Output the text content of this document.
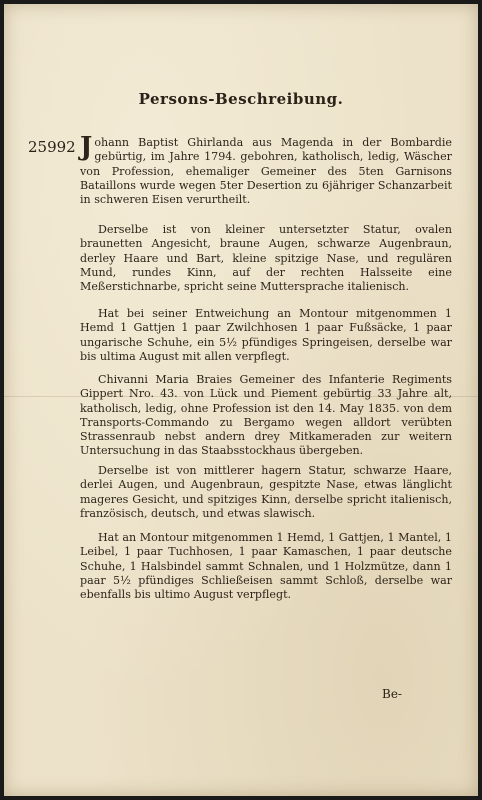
Persons-Beschreibung.
25992 Johann Baptist Ghirlanda aus Magenda in der Bombardie gebürtig, im Jahre 1794. gebohren, katholisch, ledig, Wäscher von Profession, ehemaliger Gemeiner des 5ten Garnisons Bataillons wurde wegen 5ter Desertion zu 6jähriger Schanzarbeit in schweren Eisen verurtheilt.

Derselbe ist von kleiner untersetzter Statur, ovalen braunetten Angesicht, braune Augen, schwarze Augenbraun, derley Haare und Bart, kleine spitzige Nase, und regulären Mund, rundes Kinn, auf der rechten Halsseite eine Meßerstichnarbe, spricht seine Muttersprache italienisch.

Hat bei seiner Entweichung an Montour mitgenommen 1 Hemd 1 Gattjen 1 paar Zwilchhosen 1 paar Fußsäcke, 1 paar ungarische Schuhe, ein 5½ pfündiges Springeisen, derselbe war bis ultima August mit allen verpflegt.

Chivanni Maria Braies Gemeiner des Infanterie Regiments Gippert Nro. 43. von Lück und Piement gebürtig 33 Jahre alt, katholisch, ledig, ohne Profession ist den 14. May 1835. von dem Transports-Commando zu Bergamo wegen alldort verübten Strassenraub nebst andern drey Mitkameraden zur weitern Untersuchung in das Staabsstockhaus übergeben.

Derselbe ist von mittlerer hagern Statur, schwarze Haare, derlei Augen, und Augenbraun, gespitzte Nase, etwas länglicht mageres Gesicht, und spitziges Kinn, derselbe spricht italienisch, französisch, deutsch, und etwas slawisch.

Hat an Montour mitgenommen 1 Hemd, 1 Gattjen, 1 Mantel, 1 Leibel, 1 paar Tuchhosen, 1 paar Kamaschen, 1 paar deutsche Schuhe, 1 Halsbindel sammt Schnalen, und 1 Holzmütze, dann 1 paar 5½ pfündiges Schließeisen sammt Schloß, derselbe war ebenfalls bis ultimo August verpflegt.

Be-
